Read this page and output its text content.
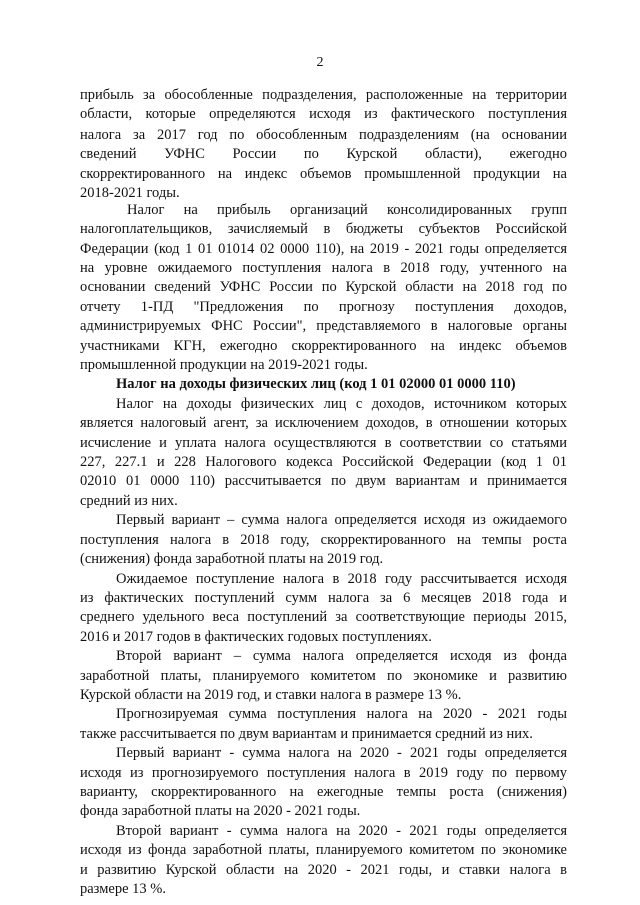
2
прибыль за обособленные подразделения, расположенные на территории
области, которые определяются исходя из фактического поступления
налога за 2017 год по обособленным подразделениям (на основании
сведений УФНС России по Курской области), ежегодно
скорректированного на индекс объемов промышленной продукции на
2018-2021 годы.
Налог на прибыль организаций консолидированных групп
налогоплательщиков, зачисляемый в бюджеты субъектов Российской
Федерации (код 1 01 01014 02 0000 110), на 2019 - 2021 годы определяется
на уровне ожидаемого поступления налога в 2018 году, учтенного на
основании сведений УФНС России по Курской области на 2018 год по
отчету 1-ПД "Предложения по прогнозу поступления доходов,
администрируемых ФНС России", представляемого в налоговые органы
участниками КГН, ежегодно скорректированного на индекс объемов
промышленной продукции на 2019-2021 годы.
Налог на доходы физических лиц (код 1 01 02000 01 0000 110)
Налог на доходы физических лиц с доходов, источником которых
является налоговый агент, за исключением доходов, в отношении которых
исчисление и уплата налога осуществляются в соответствии со статьями
227, 227.1 и 228 Налогового кодекса Российской Федерации (код 1 01
02010 01 0000 110) рассчитывается по двум вариантам и принимается
средний из них.
Первый вариант – сумма налога определяется исходя из ожидаемого
поступления налога в 2018 году, скорректированного на темпы роста
(снижения) фонда заработной платы на 2019 год.
Ожидаемое поступление налога в 2018 году рассчитывается исходя
из фактических поступлений сумм налога за 6 месяцев 2018 года и
среднего удельного веса поступлений за соответствующие периоды 2015,
2016 и 2017 годов в фактических годовых поступлениях.
Второй вариант – сумма налога определяется исходя из фонда
заработной платы, планируемого комитетом по экономике и развитию
Курской области на 2019 год, и ставки налога в размере 13 %.
Прогнозируемая сумма поступления налога на 2020 - 2021 годы
также рассчитывается по двум вариантам и принимается средний из них.
Первый вариант - сумма налога на 2020 - 2021 годы определяется
исходя из прогнозируемого поступления налога в 2019 году по первому
варианту, скорректированного на ежегодные темпы роста (снижения)
фонда заработной платы на 2020 - 2021 годы.
Второй вариант - сумма налога на 2020 - 2021 годы определяется
исходя из фонда заработной платы, планируемого комитетом по экономике
и развитию Курской области на 2020 - 2021 годы, и ставки налога в
размере 13 %.
